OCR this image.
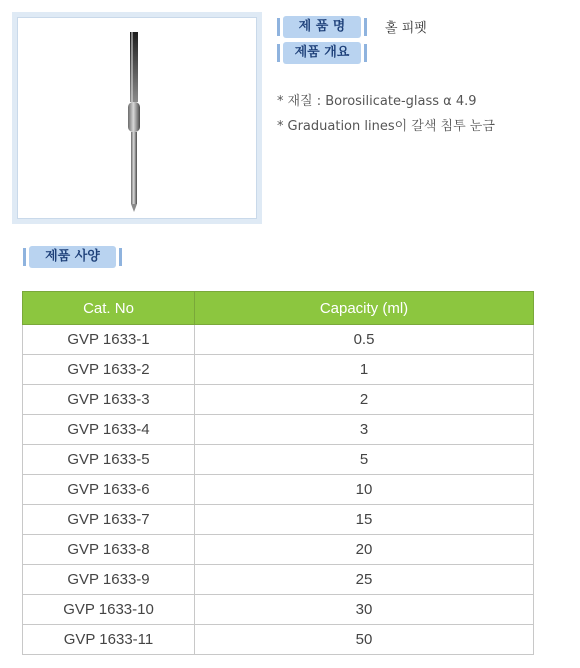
제 품 명	홀 피펫
제품 개요
* 재질 : Borosilicate-glass α 4.9
* Graduation lines이 갈색 침투 눈금
제품 사양
Cat. No	Capacity (ml)
GVP 1633-1	0.5
GVP 1633-2	1
GVP 1633-3	2
GVP 1633-4	3
GVP 1633-5	5
GVP 1633-6	10
GVP 1633-7	15
GVP 1633-8	20
GVP 1633-9	25
GVP 1633-10	30
GVP 1633-11	50
